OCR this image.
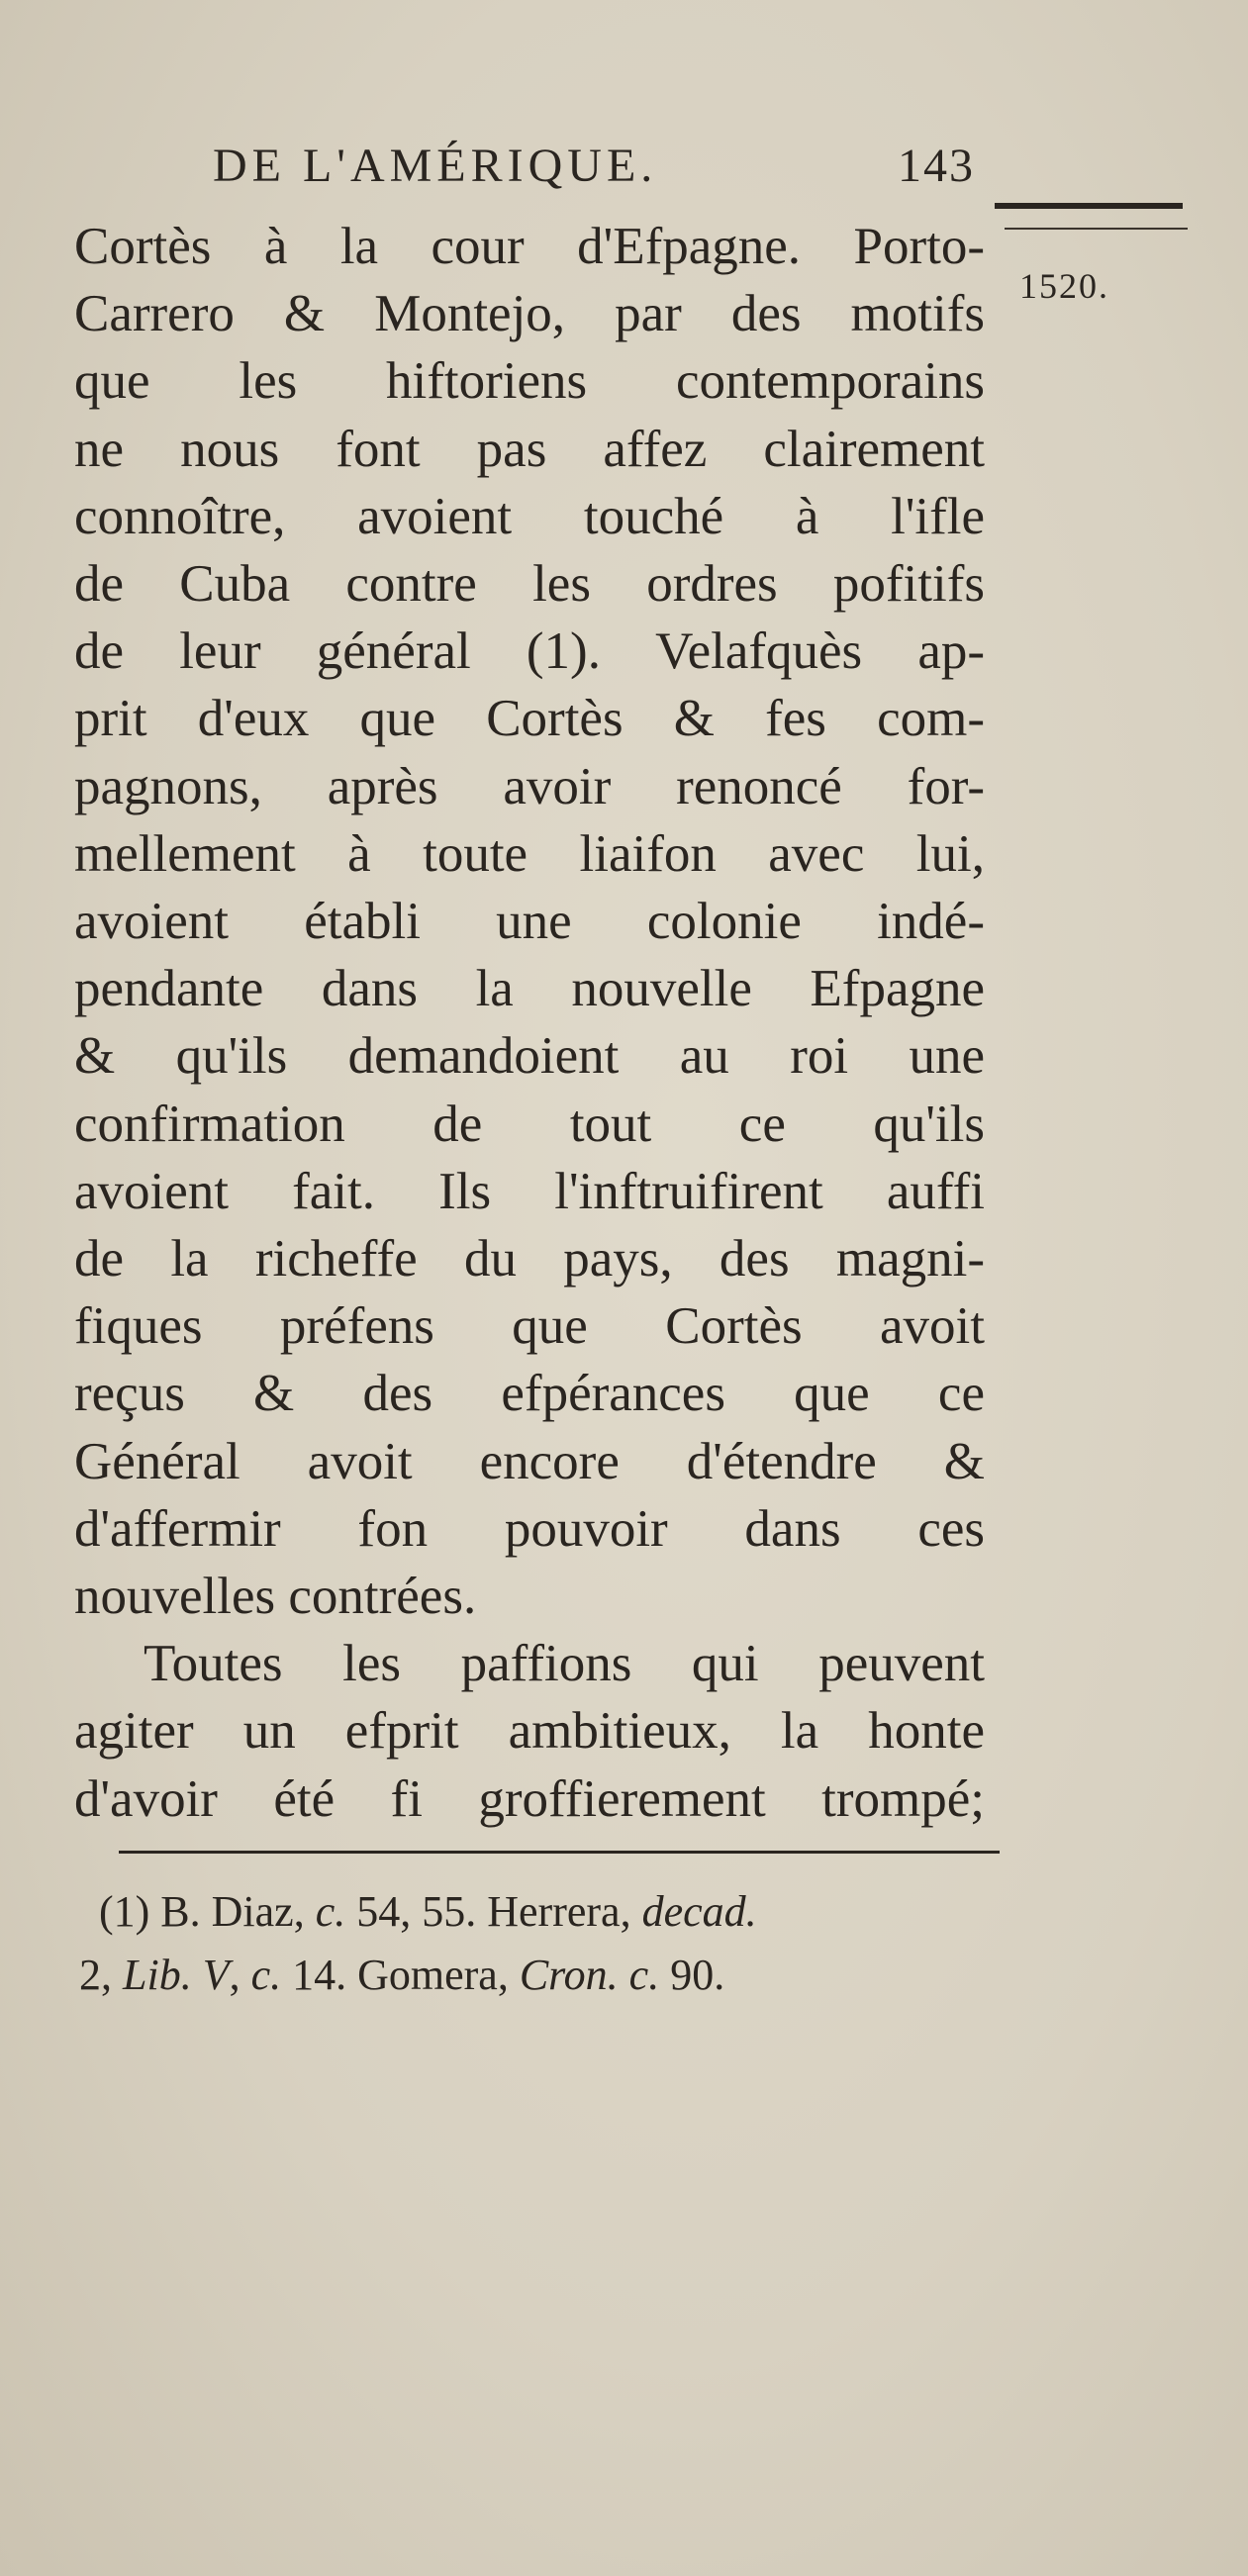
DE L'AMÉRIQUE.	143
1520.
Cortès à la cour d'Efpagne. Porto-
Carrero & Montejo, par des motifs
que les hiftoriens contemporains
ne nous font pas affez clairement
connoître, avoient touché à l'ifle
de Cuba contre les ordres pofitifs
de leur général (1). Velafquès ap-
prit d'eux que Cortès & fes com-
pagnons, après avoir renoncé for-
mellement à toute liaifon avec lui,
avoient établi une colonie indé-
pendante dans la nouvelle Efpagne
& qu'ils demandoient au roi une
confirmation de tout ce qu'ils
avoient fait. Ils l'inftruifirent auffi
de la richeffe du pays, des magni-
fiques préfens que Cortès avoit
reçus & des efpérances que ce
Général avoit encore d'étendre &
d'affermir fon pouvoir dans ces
nouvelles contrées.
Toutes les paffions qui peuvent
agiter un efprit ambitieux, la honte
d'avoir été fi groffierement trompé;
(1) B. Diaz, c. 54, 55. Herrera, decad.
2, Lib. V, c. 14. Gomera, Cron. c. 90.
